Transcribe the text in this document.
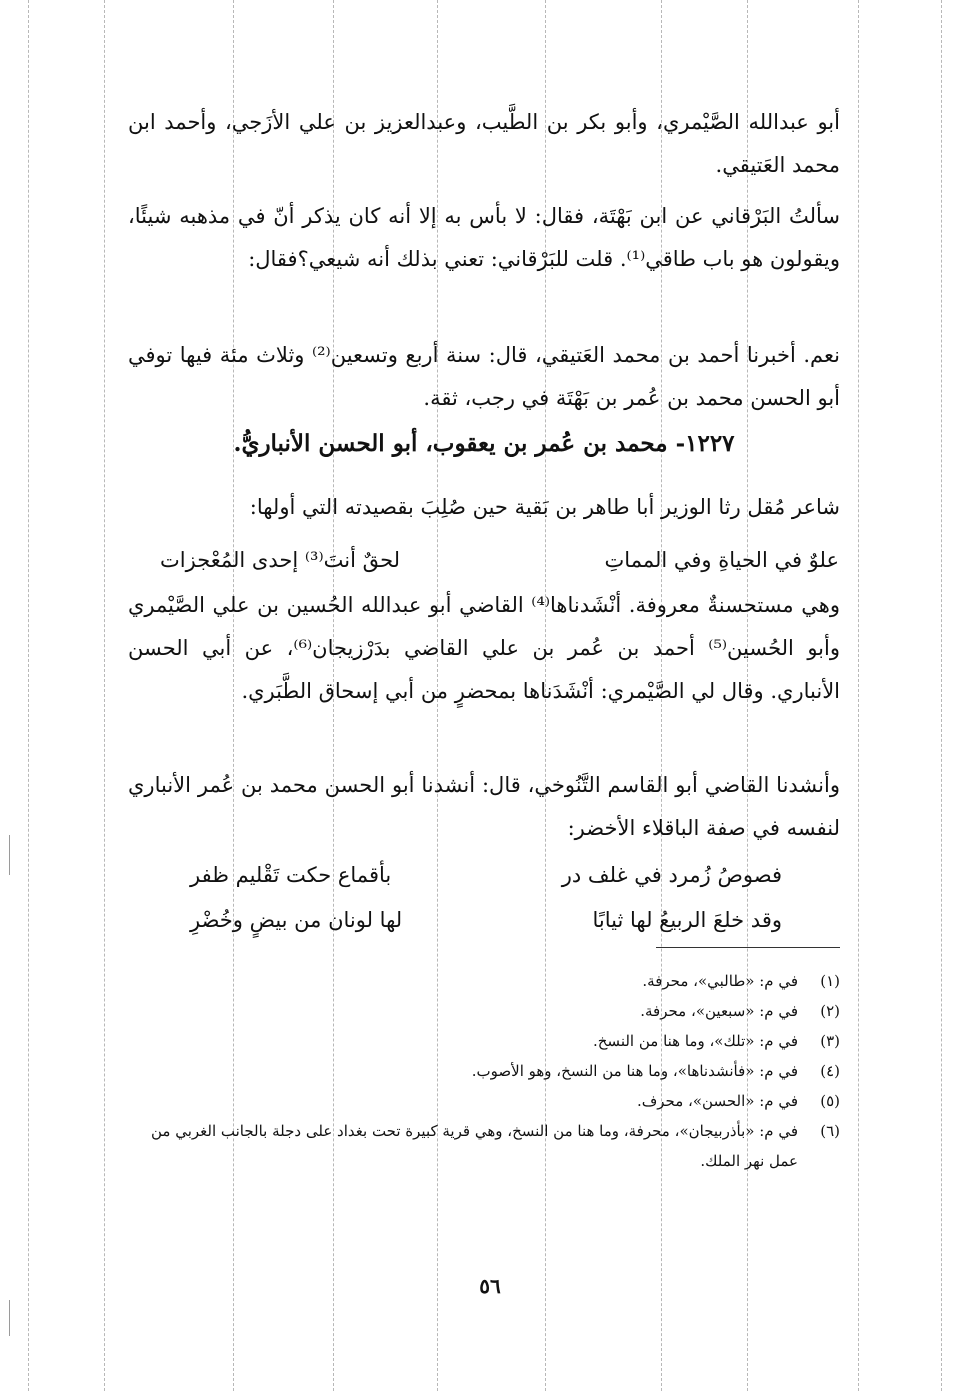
أبو عبدالله الصَّيْمري، وأبو بكر بن الطَّيب، وعبدالعزيز بن علي الأزَجي، وأحمد ابن محمد العَتيقي.

سألتُ البَرْقاني عن ابن بَهْتَة، فقال: لا بأس به إلا أنه كان يذكر أنّ في مذهبه شيئًا، ويقولون هو باب طاقي⁽¹⁾. قلت للبَرْقاني: تعني بذلك أنه شيعي؟فقال:

نعم. أخبرنا أحمد بن محمد العَتيقي، قال: سنة أربع وتسعين⁽²⁾ وثلاث مئة فيها توفي أبو الحسن محمد بن عُمر بن بَهْتَة في رجب، ثقة.

١٢٢٧- محمد بن عُمر بن يعقوب، أبو الحسن الأنباريُّ.

شاعر مُقل رثا الوزير أبا طاهر بن بَقية حين صُلِبَ بقصيدته التي أولها:

علوٌ في الحياةِ وفي المماتِ
لحقٌ أنتَ⁽³⁾ إحدى المُعْجزات

وهي مستحسنةٌ معروفة. أنْشَدناها⁽⁴⁾ القاضي أبو عبدالله الحُسين بن علي الصَّيْمري وأبو الحُسين⁽⁵⁾ أحمد بن عُمر بن علي القاضي بدَرْزيجان⁽⁶⁾، عن أبي الحسن الأنباري. وقال لي الصَّيْمري: أنْشَدَناها بمحضرٍ من أبي إسحاق الطَّبَري.

وأنشدنا القاضي أبو القاسم التَّنُوخي، قال: أنشدنا أبو الحسن محمد بن عُمر الأنباري لنفسه في صفة الباقلاء الأخضر:

فصوصُ زُمرد في غلف در
بأقماع حكت تَقْليم ظفر
وقد خلعَ الربيعُ لها ثيابًا
لها لونان من بيضٍ وخُضْرِ
(١)
في م: «طالبي»، محرفة.
(٢)
في م: «سبعين»، محرفة.
(٣)
في م: «تلك»، وما هنا من النسخ.
(٤)
في م: «فأنشدناها»، وما هنا من النسخ، وهو الأصوب.
(٥)
في م: «الحسن»، محرف.
(٦)
في م: «بأذربيجان»، محرفة، وما هنا من النسخ، وهي قرية كبيرة تحت بغداد على دجلة بالجانب الغربي من عمل نهر الملك.
٥٦
